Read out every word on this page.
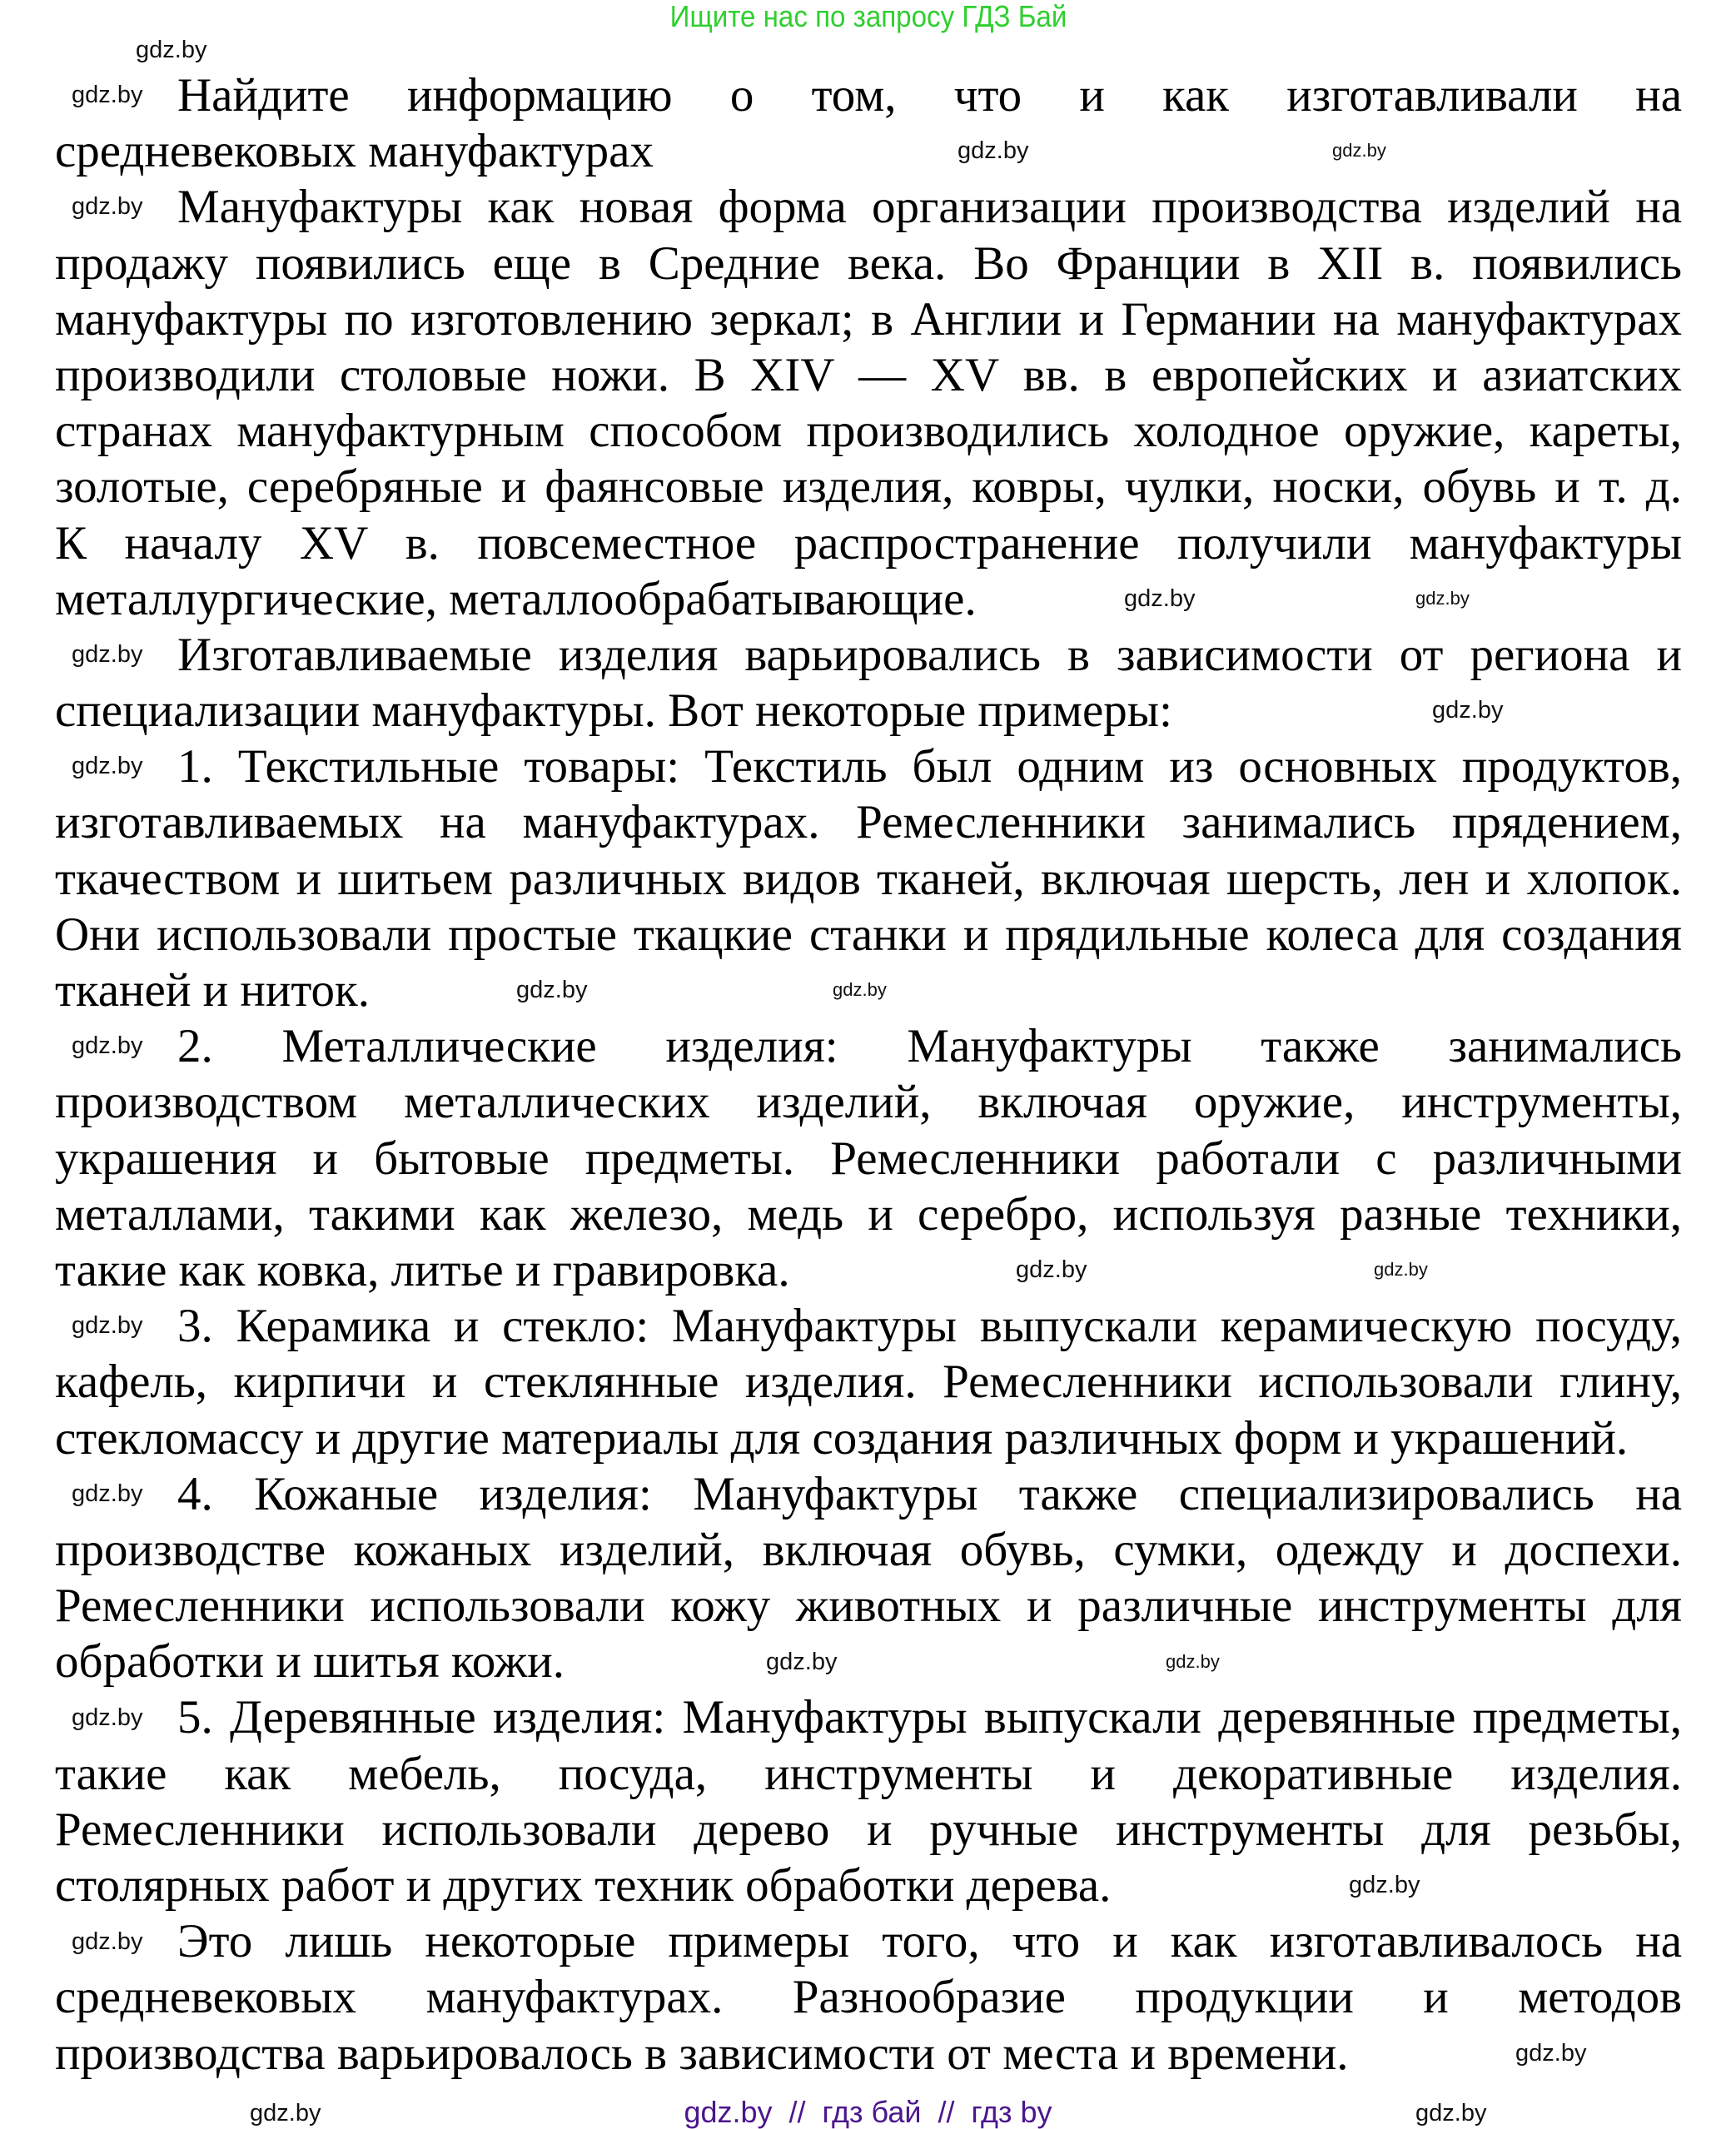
Ищите нас по запросу ГДЗ Бай
Найдите информацию о том, что и как изготавливали на
средневековых мануфактурах
Мануфактуры как новая форма организации производства изделий на
продажу появились еще в Средние века. Во Франции в XII в. появились
мануфактуры по изготовлению зеркал; в Англии и Германии на мануфактурах
производили столовые ножи. В XIV — XV вв. в европейских и азиатских
странах мануфактурным способом производились холодное оружие, кареты,
золотые, серебряные и фаянсовые изделия, ковры, чулки, носки, обувь и т. д.
К началу XV в. повсеместное распространение получили мануфактуры
металлургические, металлообрабатывающие.
Изготавливаемые изделия варьировались в зависимости от региона и
специализации мануфактуры. Вот некоторые примеры:
1. Текстильные товары: Текстиль был одним из основных продуктов,
изготавливаемых на мануфактурах. Ремесленники занимались прядением,
ткачеством и шитьем различных видов тканей, включая шерсть, лен и хлопок.
Они использовали простые ткацкие станки и прядильные колеса для создания
тканей и ниток.
2. Металлические изделия: Мануфактуры также занимались
производством металлических изделий, включая оружие, инструменты,
украшения и бытовые предметы. Ремесленники работали с различными
металлами, такими как железо, медь и серебро, используя разные техники,
такие как ковка, литье и гравировка.
3. Керамика и стекло: Мануфактуры выпускали керамическую посуду,
кафель, кирпичи и стеклянные изделия. Ремесленники использовали глину,
стекломассу и другие материалы для создания различных форм и украшений.
4. Кожаные изделия: Мануфактуры также специализировались на
производстве кожаных изделий, включая обувь, сумки, одежду и доспехи.
Ремесленники использовали кожу животных и различные инструменты для
обработки и шитья кожи.
5. Деревянные изделия: Мануфактуры выпускали деревянные предметы,
такие как мебель, посуда, инструменты и декоративные изделия.
Ремесленники использовали дерево и ручные инструменты для резьбы,
столярных работ и других техник обработки дерева.
Это лишь некоторые примеры того, что и как изготавливалось на
средневековых мануфактурах. Разнообразие продукции и методов
производства варьировалось в зависимости от места и времени.
gdz.by
gdz.by
gdz.by	gdz.by
gdz.by
gdz.by	gdz.by
gdz.by
gdz.by
gdz.by
gdz.by	gdz.by
gdz.by
gdz.by	gdz.by
gdz.by
gdz.by
gdz.by	gdz.by
gdz.by
gdz.by
gdz.by
gdz.by
gdz.by	gdz.by
gdz.by  //  гдз бай  //  гдз by
